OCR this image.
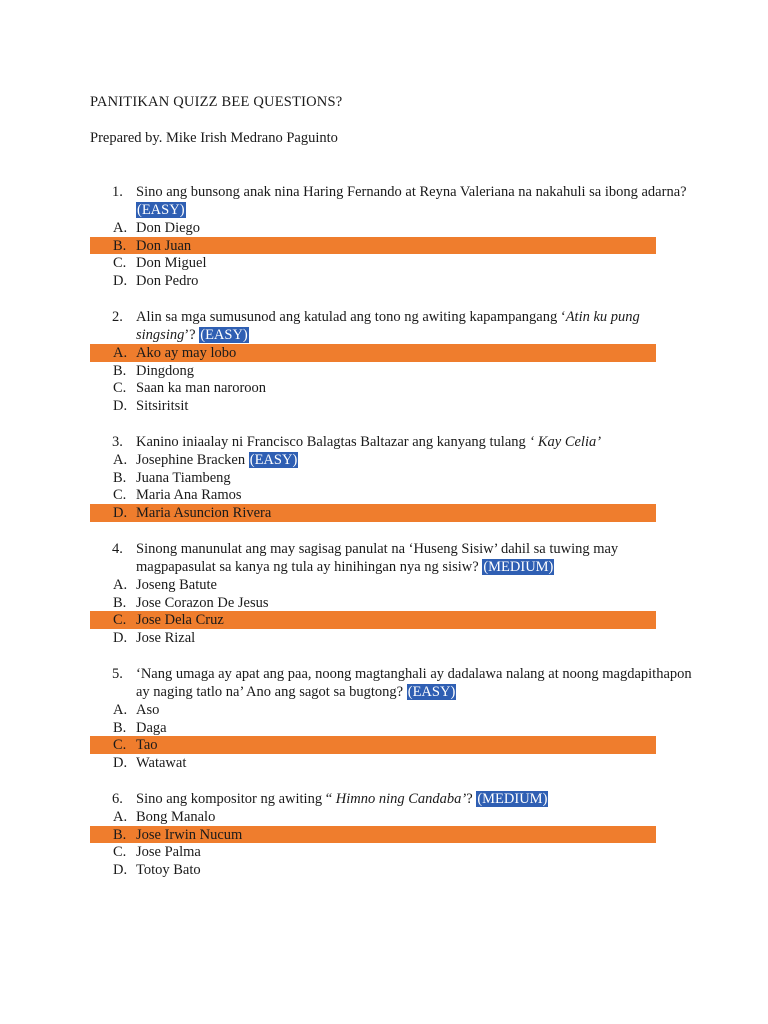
PANITIKAN QUIZZ BEE QUESTIONS?
Prepared by. Mike Irish Medrano Paguinto
1. Sino ang bunsong anak nina Haring Fernando at Reyna Valeriana na nakahuli sa ibong adarna? (EASY)
A. Don Diego
B. Don Juan
C. Don Miguel
D. Don Pedro
2. Alin sa mga sumusunod ang katulad ang tono ng awiting kapampangang ‘Atin ku pung singsing’? (EASY)
A. Ako ay may lobo
B. Dingdong
C. Saan ka man naroroon
D. Sitsiritsit
3. Kanino iniaalay ni Francisco Balagtas Baltazar ang kanyang tulang ‘ Kay Celia’
A. Josephine Bracken (EASY)
B. Juana Tiambeng
C. Maria Ana Ramos
D. Maria Asuncion Rivera
4. Sinong manunulat ang may sagisag panulat na ‘Huseng Sisiw’ dahil sa tuwing may magpapasulat sa kanya ng tula ay hinihingan nya ng sisiw? (MEDIUM)
A. Joseng Batute
B. Jose Corazon De Jesus
C. Jose Dela Cruz
D. Jose Rizal
5. ‘Nang umaga ay apat ang paa, noong magtanghali ay dadalawa nalang at noong magdapithapon ay naging tatlo na’ Ano ang sagot sa bugtong? (EASY)
A. Aso
B. Daga
C. Tao
D. Watawat
6. Sino ang kompositor ng awiting “ Himno ning Candaba’? (MEDIUM)
A. Bong Manalo
B. Jose Irwin Nucum
C. Jose Palma
D. Totoy Bato
